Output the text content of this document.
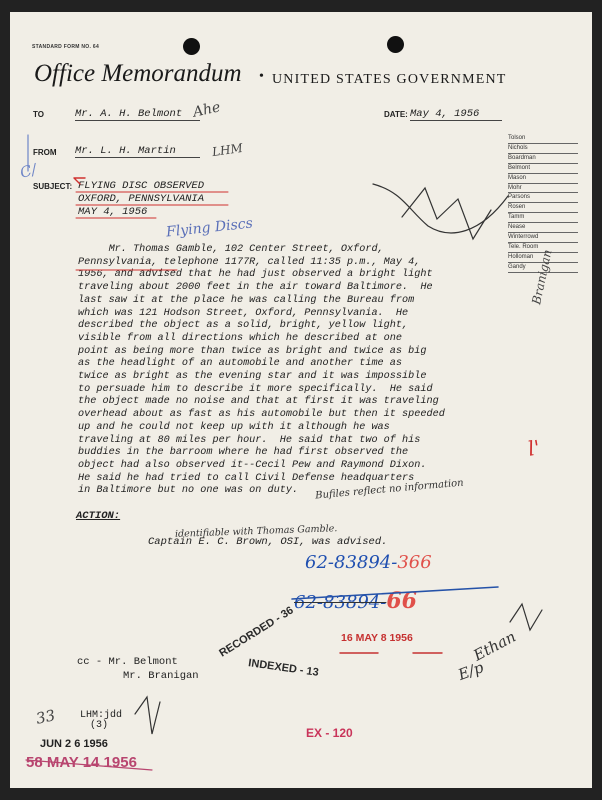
STANDARD FORM NO. 64
Office Memorandum • UNITED STATES GOVERNMENT
TO	Mr. A. H. Belmont	DATE: May 4, 1956
FROM Mr. L. H. Martin
SUBJECT: FLYING DISC OBSERVED
OXFORD, PENNSYLVANIA
MAY 4, 1956
Tolson
Nichols
Boardman
Belmont
Mason
Mohr
Parsons
Rosen
Tamm
Nease
Winterrowd
Tele. Room
Holloman
Gandy
Mr. Thomas Gamble, 102 Center Street, Oxford,
Pennsylvania, telephone 1177R, called 11:35 p.m., May 4,
1956, and advised that he had just observed a bright light
traveling about 2000 feet in the air toward Baltimore.  He
last saw it at the place he was calling the Bureau from
which was 121 Hodson Street, Oxford, Pennsylvania.  He
described the object as a solid, bright, yellow light,
visible from all directions which he described at one
point as being more than twice as bright and twice as big
as the headlight of an automobile and another time as
twice as bright as the evening star and it was impossible
to persuade him to describe it more specifically.  He said
the object made no noise and that at first it was traveling
overhead about as fast as his automobile but then it speeded
up and he could not keep up with it although he was
traveling at 80 miles per hour.  He said that two of his
buddies in the barroom where he had first observed the
object had also observed it--Cecil Pew and Raymond Dixon.
He said he had tried to call Civil Defense headquarters
in Baltimore but no one was on duty.
ACTION:
Captain E. C. Brown, OSI, was advised.
cc - Mr. Belmont
Mr. Branigan
LHM:jdd
(3)
Flying Discs
Ahe
LHM
C/
Branigan
l'
Bufiles reflect no information
identifiable with Thomas Gamble.
62-83894-366
62-83894-66
Ethan
E/p
33
RECORDED - 36
INDEXED - 13
16 MAY 8 1956
EX - 120
JUN 2 6 1956
58 MAY 14 1956
